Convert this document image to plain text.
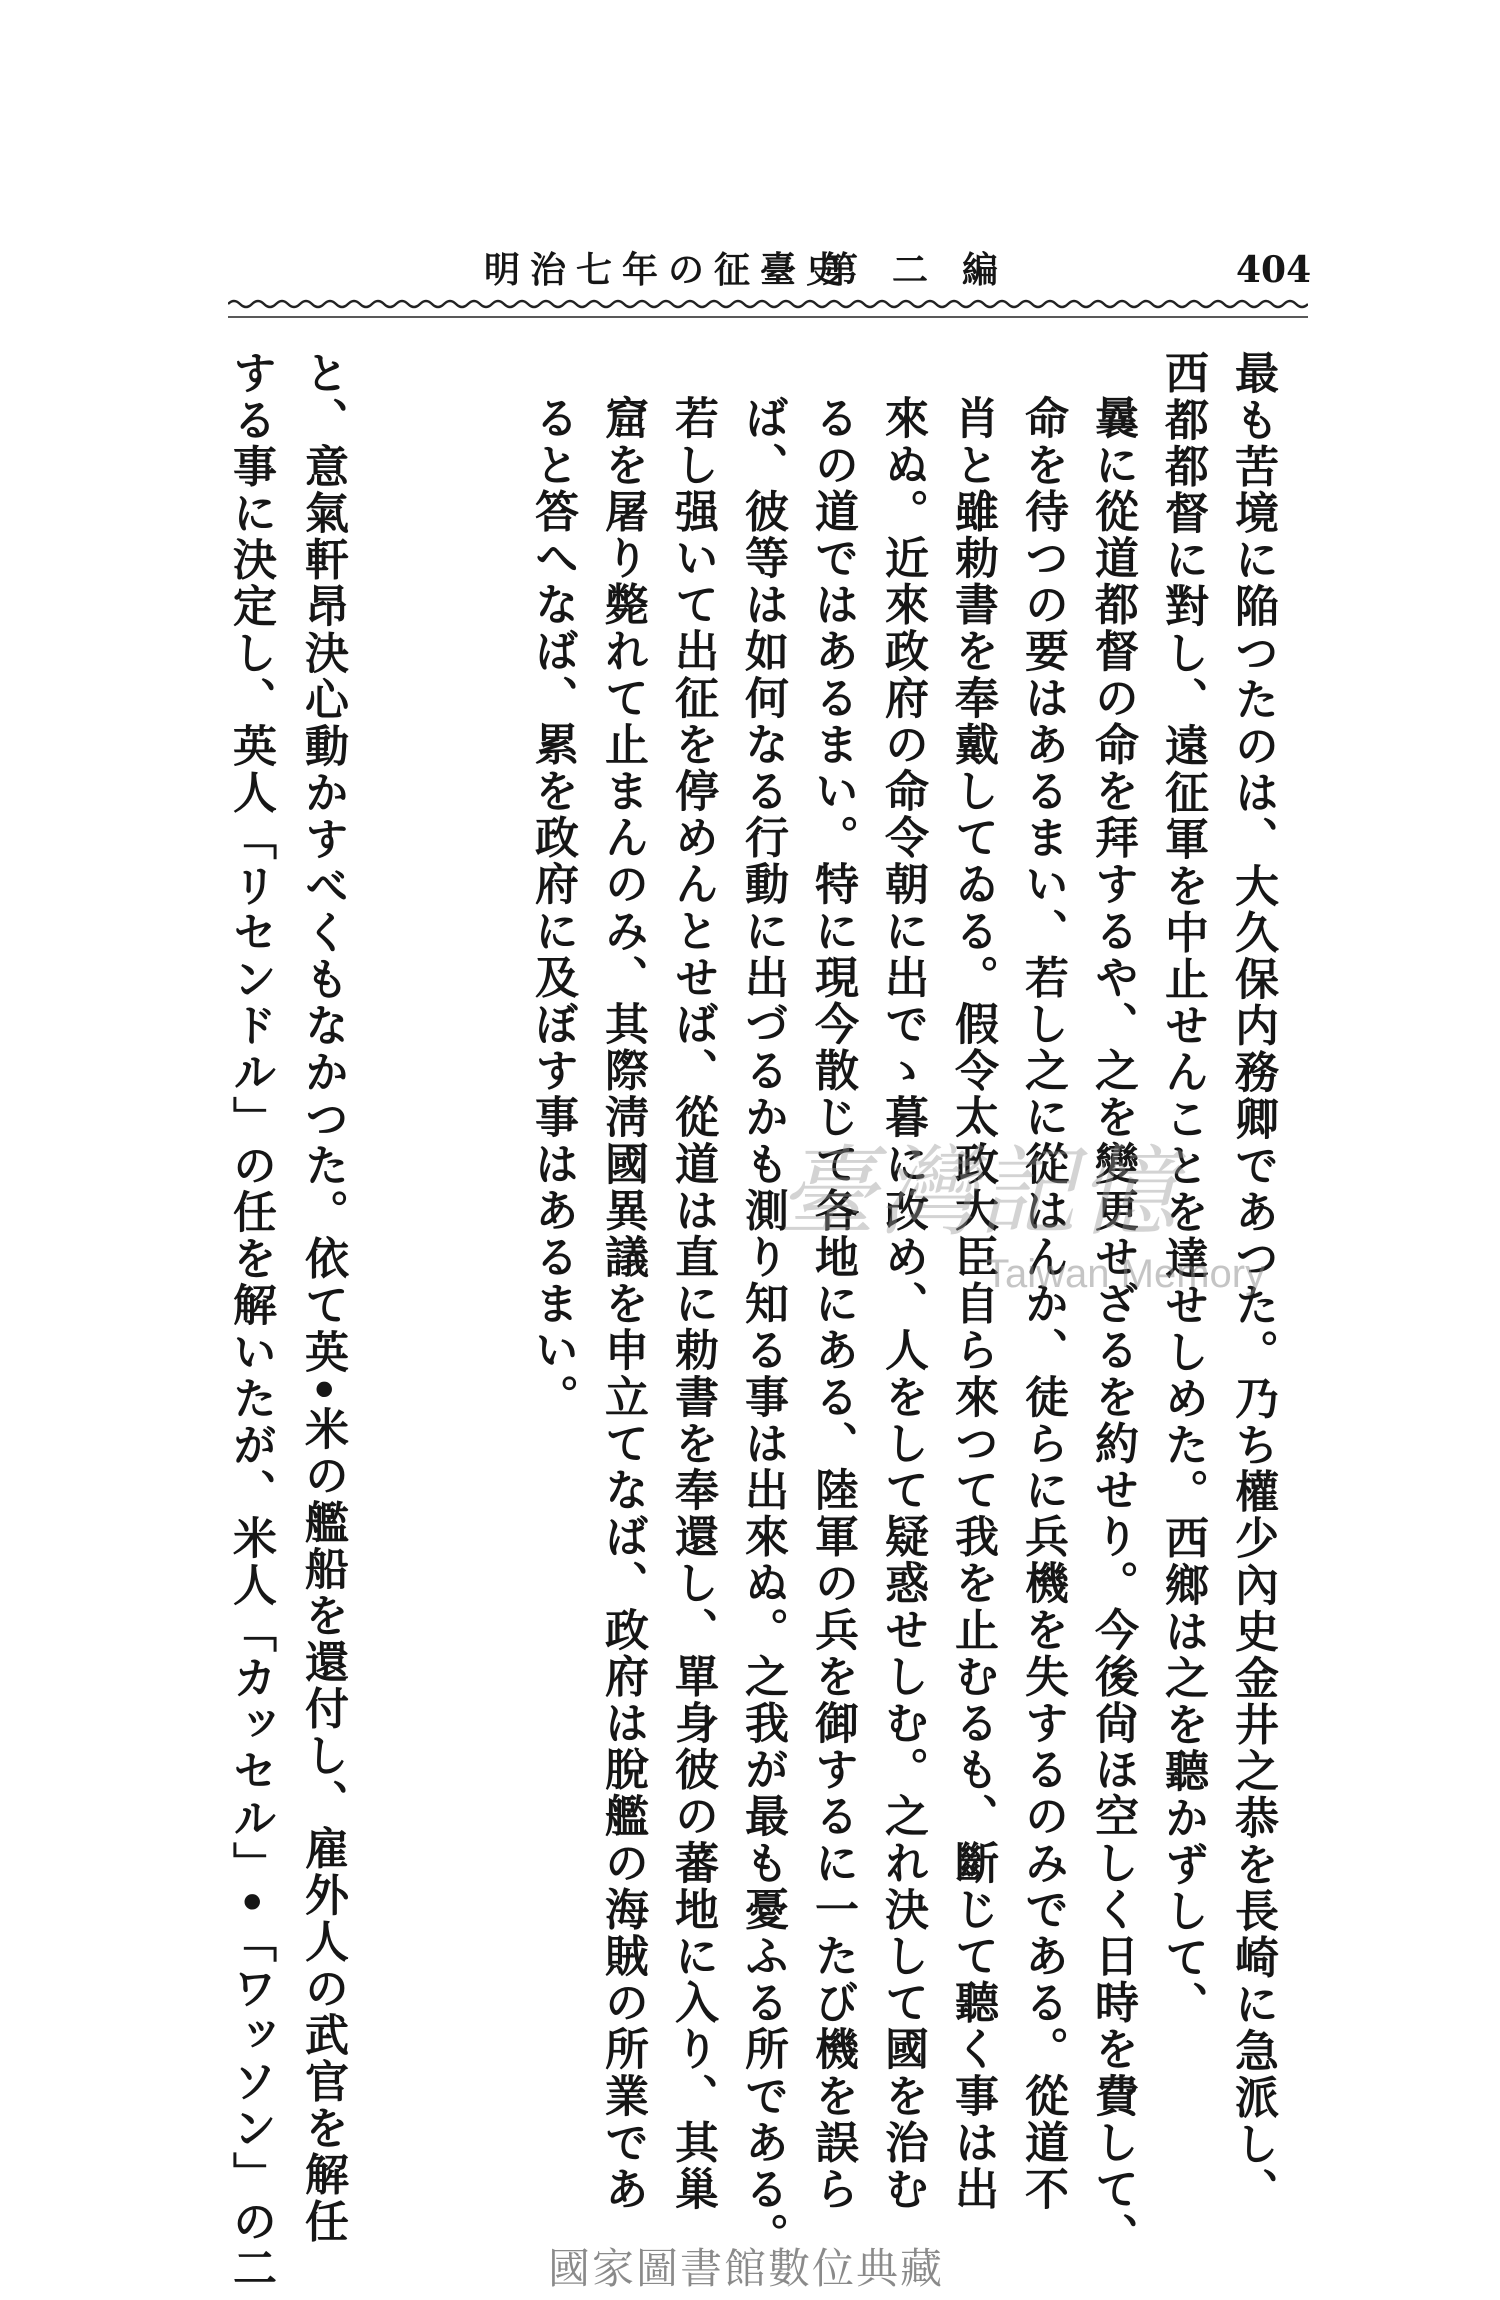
明治七年の征臺史
第二編	404
最も苦境に陥つたのは、大久保内務卿であつた。乃ち權少內史金井之恭を長崎に急派し、
西都都督に對し、遠征軍を中止せんことを達せしめた。西鄉は之を聽かずして、
曩に從道都督の命を拜するや、之を變更せざるを約せり。今後尙ほ空しく日時を費して、
命を待つの要はあるまい、若し之に從はんか、徒らに兵機を失するのみである。從道不
肖と雖勅書を奉戴してゐる。假令太政大臣自ら來つて我を止むるも、斷じて聽く事は出
來ぬ。近來政府の命令朝に出でゝ暮に改め、人をして疑惑せしむ。之れ決して國を治む
るの道ではあるまい。特に現今散じて各地にある、陸軍の兵を御するに一たび機を誤ら
ば、彼等は如何なる行動に出づるかも測り知る事は出來ぬ。之我が最も憂ふる所である。
若し强いて出征を停めんとせば、從道は直に勅書を奉還し、單身彼の蕃地に入り、其巢
窟を屠り斃れて止まんのみ、其際淸國異議を申立てなば、政府は脫艦の海賊の所業であ
ると答へなば、累を政府に及ぼす事はあるまい。
と、意氣軒昂決心動かすべくもなかつた。依て英•米の艦船を還付し、雇外人の武官を解任
する事に決定し、英人「リセンドル」の任を解いたが、米人「カッセル」•「ワッソン」の二	臺灣記憶
Taiwan Memory
國家圖書館數位典藏
